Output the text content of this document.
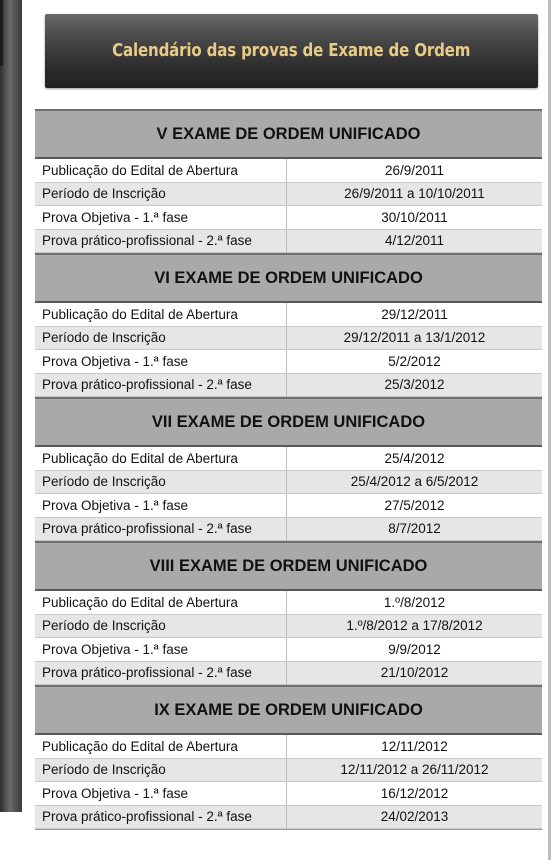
Calendário das provas de Exame de Ordem
V EXAME DE ORDEM UNIFICADO
Publicação do Edital de Abertura	26/9/2011
Período de Inscrição	26/9/2011 a 10/10/2011
Prova Objetiva - 1.ª fase	30/10/2011
Prova prático-profissional - 2.ª fase	4/12/2011
VI EXAME DE ORDEM UNIFICADO
Publicação do Edital de Abertura	29/12/2011
Período de Inscrição	29/12/2011 a 13/1/2012
Prova Objetiva - 1.ª fase	5/2/2012
Prova prático-profissional - 2.ª fase	25/3/2012
VII EXAME DE ORDEM UNIFICADO
Publicação do Edital de Abertura	25/4/2012
Período de Inscrição	25/4/2012 a 6/5/2012
Prova Objetiva - 1.ª fase	27/5/2012
Prova prático-profissional - 2.ª fase	8/7/2012
VIII EXAME DE ORDEM UNIFICADO
Publicação do Edital de Abertura	1.º/8/2012
Período de Inscrição	1.º/8/2012 a 17/8/2012
Prova Objetiva - 1.ª fase	9/9/2012
Prova prático-profissional - 2.ª fase	21/10/2012
IX EXAME DE ORDEM UNIFICADO
Publicação do Edital de Abertura	12/11/2012
Período de Inscrição	12/11/2012 a 26/11/2012
Prova Objetiva - 1.ª fase	16/12/2012
Prova prático-profissional - 2.ª fase	24/02/2013
